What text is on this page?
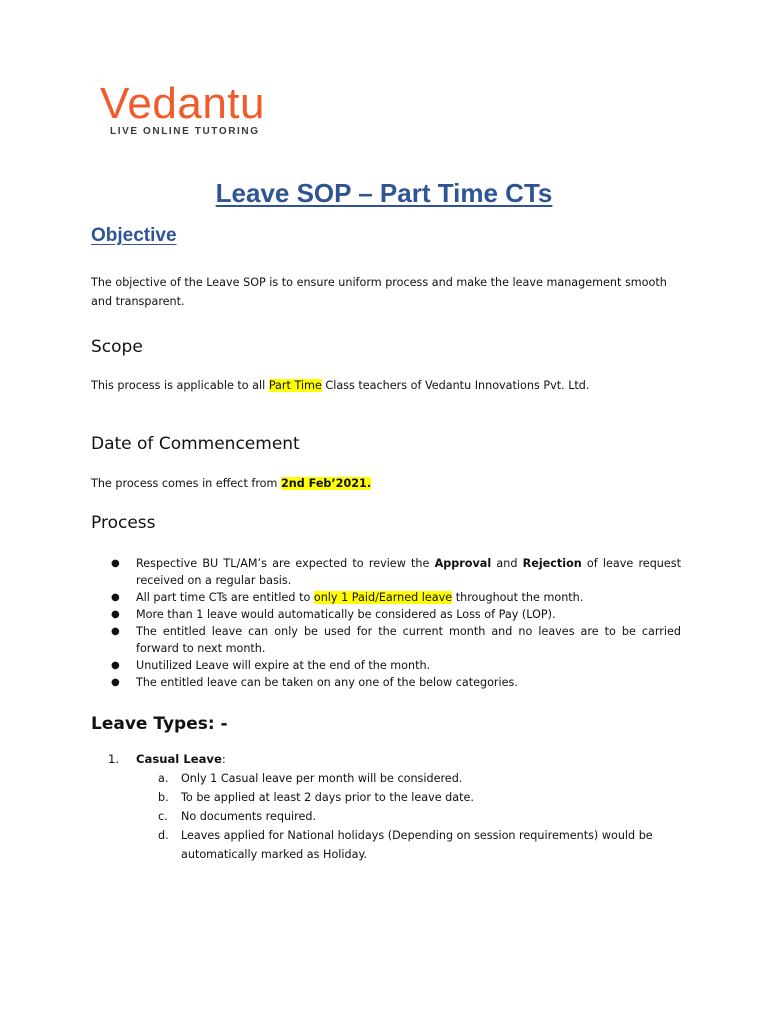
Vedantu
LIVE ONLINE TUTORING
Leave SOP – Part Time CTs
Objective
The objective of the Leave SOP is to ensure uniform process and make the leave management smooth and transparent.
Scope
This process is applicable to all Part Time Class teachers of Vedantu Innovations Pvt. Ltd.
Date of Commencement
The process comes in effect from 2nd Feb’2021.
Process
● Respective BU TL/AM’s are expected to review the Approval and Rejection of leave request received on a regular basis.
● All part time CTs are entitled to only 1 Paid/Earned leave throughout the month.
● More than 1 leave would automatically be considered as Loss of Pay (LOP).
● The entitled leave can only be used for the current month and no leaves are to be carried forward to next month.
● Unutilized Leave will expire at the end of the month.
● The entitled leave can be taken on any one of the below categories.
Leave Types: -
1. Casual Leave:
a. Only 1 Casual leave per month will be considered.
b. To be applied at least 2 days prior to the leave date.
c. No documents required.
d. Leaves applied for National holidays (Depending on session requirements) would be automatically marked as Holiday.
